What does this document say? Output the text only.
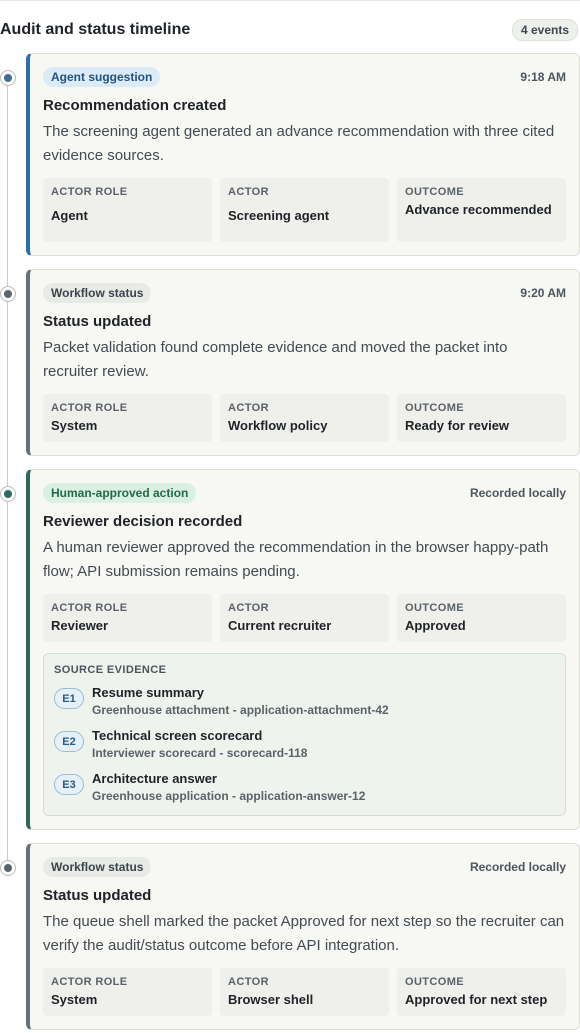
Audit and status timeline	4 events
Agent suggestion	9:18 AM
Recommendation created
The screening agent generated an advance recommendation with three cited evidence sources.
ACTOR ROLE
Agent
ACTOR
Screening agent
OUTCOME
Advance recommended
Workflow status	9:20 AM
Status updated
Packet validation found complete evidence and moved the packet into recruiter review.
ACTOR ROLE
System
ACTOR
Workflow policy
OUTCOME
Ready for review
Human-approved action	Recorded locally
Reviewer decision recorded
A human reviewer approved the recommendation in the browser happy-path flow; API submission remains pending.
ACTOR ROLE
Reviewer
ACTOR
Current recruiter
OUTCOME
Approved
SOURCE EVIDENCE
E1	Resume summary
Greenhouse attachment - application-attachment-42
E2	Technical screen scorecard
Interviewer scorecard - scorecard-118
E3	Architecture answer
Greenhouse application - application-answer-12
Workflow status	Recorded locally
Status updated
The queue shell marked the packet Approved for next step so the recruiter can verify the audit/status outcome before API integration.
ACTOR ROLE
System
ACTOR
Browser shell
OUTCOME
Approved for next step
